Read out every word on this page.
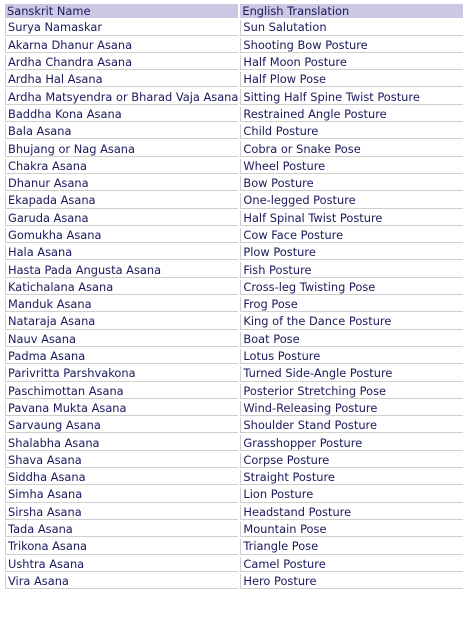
Sanskrit Name	English Translation
Surya Namaskar	Sun Salutation
Akarna Dhanur Asana	Shooting Bow Posture
Ardha Chandra Asana	Half Moon Posture
Ardha Hal Asana	Half Plow Pose
Ardha Matsyendra or Bharad Vaja Asana	Sitting Half Spine Twist Posture
Baddha Kona Asana	Restrained Angle Posture
Bala Asana	Child Posture
Bhujang or Nag Asana	Cobra or Snake Pose
Chakra Asana	Wheel Posture
Dhanur Asana	Bow Posture
Ekapada Asana	One-legged Posture
Garuda Asana	Half Spinal Twist Posture
Gomukha Asana	Cow Face Posture
Hala Asana	Plow Posture
Hasta Pada Angusta Asana	Fish Posture
Katichalana Asana	Cross-leg Twisting Pose
Manduk Asana	Frog Pose
Nataraja Asana	King of the Dance Posture
Nauv Asana	Boat Pose
Padma Asana	Lotus Posture
Parivritta Parshvakona	Turned Side-Angle Posture
Paschimottan Asana	Posterior Stretching Pose
Pavana Mukta Asana	Wind-Releasing Posture
Sarvaung Asana	Shoulder Stand Posture
Shalabha Asana	Grasshopper Posture
Shava Asana	Corpse Posture
Siddha Asana	Straight Posture
Simha Asana	Lion Posture
Sirsha Asana	Headstand Posture
Tada Asana	Mountain Pose
Trikona Asana	Triangle Pose
Ushtra Asana	Camel Posture
Vira Asana	Hero Posture
